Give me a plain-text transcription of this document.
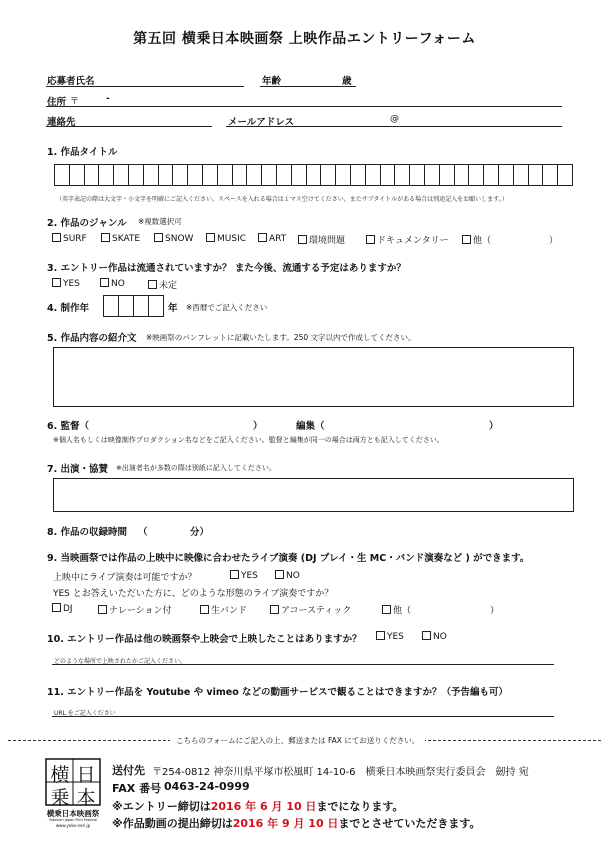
第五回 横乗日本映画祭 上映作品エントリーフォーム
応募者氏名	年齢	歳
住所 〒	-
連絡先	メールアドレス	@
1. 作品タイトル
（英字表記の際は大文字・小文字を明確にご記入ください。スペースを入れる場合は１マス空けてください。またサブタイトルがある場合は別途記入をお願いします。）
2. 作品のジャンル ※複数選択可
SURF	SKATE	SNOW	MUSIC	ART	環境問題	ドキュメンタリー	他（	）
3. エントリー作品は流通されていますか？ また今後、流通する予定はありますか？
YES	NO	未定
4. 制作年	年 ※西暦でご記入ください
5. 作品内容の紹介文 ※映画祭のパンフレットに記載いたします。250 文字以内で作成してください。
6. 監督（	）	編集（	）
※個人名もしくは映像制作プロダクション名などをご記入ください。監督と編集が同一の場合は両方とも記入してください。
7. 出演・協賛 ※出演者名が多数の際は別紙に記入してください。
8. 作品の収録時間 （	分）
9. 当映画祭では作品の上映中に映像に合わせたライブ演奏 (DJ プレイ・生 MC・バンド演奏など ) ができます。
上映中にライブ演奏は可能ですか？	YES	NO
YES とお答えいただいた方に、どのような形態のライブ演奏ですか？
DJ	ナレーション付	生バンド	アコースティック	他（	）
10. エントリー作品は他の映画祭や上映会で上映したことはありますか？	YES	NO
どのような場所で上映されたかご記入ください。
11. エントリー作品を Youtube や vimeo などの動画サービスで観ることはできますか？（予告編も可）
URL をご記入ください
こちらのフォームにご記入の上、郵送または FAX にてお送りください。
横 日
乗 本
横乗日本映画祭
Yokonori Japan Film Festival
www.yoko-nori.jp
送付先 〒254-0812 神奈川県平塚市松風町 14-10-6　横乗日本映画祭実行委員会　劒持 宛
FAX 番号 0463-24-0999
※エントリー締切は2016 年 6 月 10 日までになります。
※作品動画の提出締切は2016 年 9 月 10 日までとさせていただきます。
